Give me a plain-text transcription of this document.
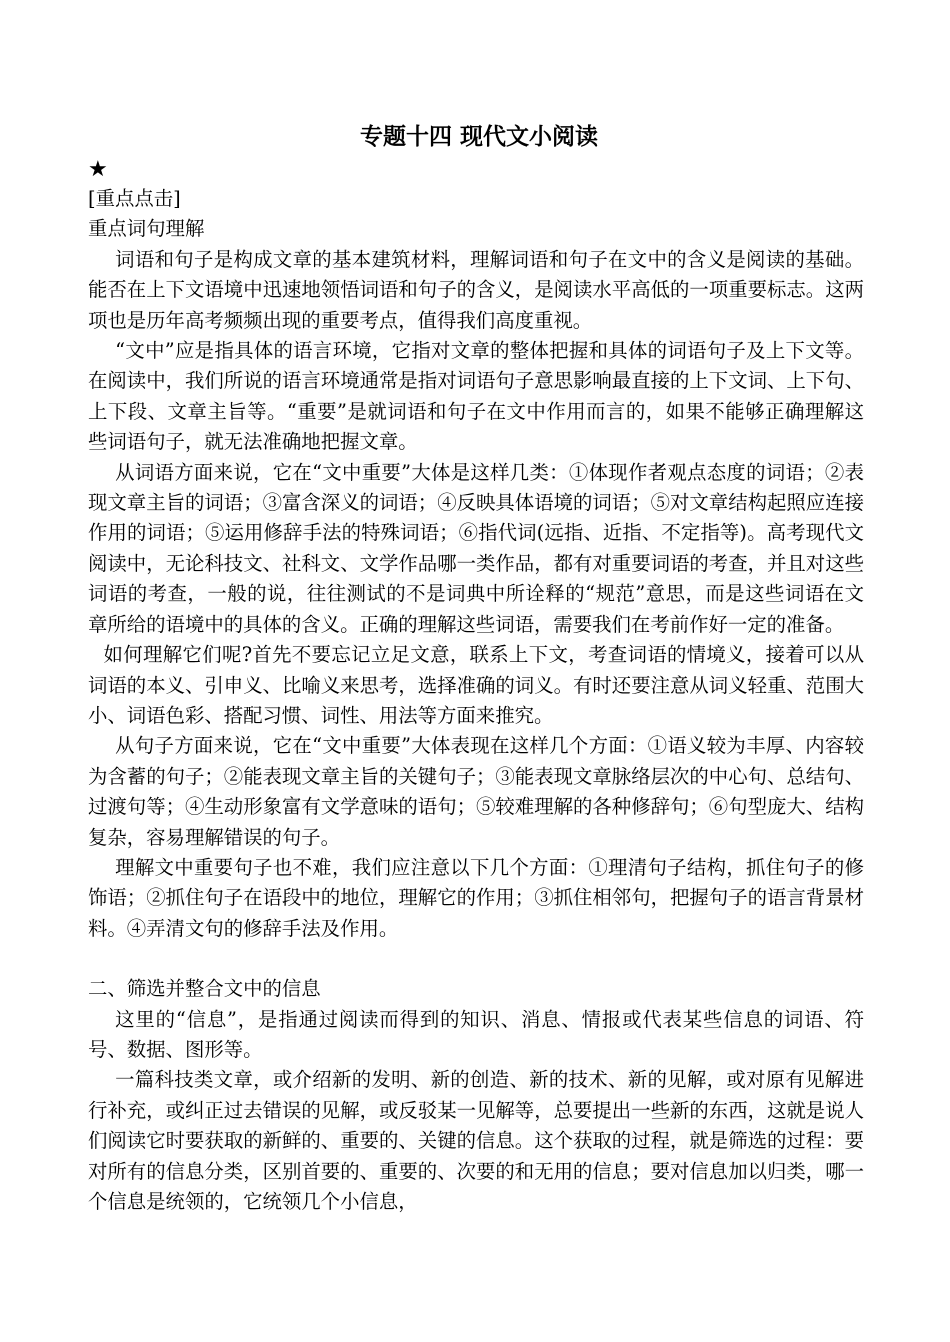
专题十四 现代文小阅读

★

[重点点击]

重点词句理解

词语和句子是构成文章的基本建筑材料，理解词语和句子在文中的含义是阅读的基础。能否在上下文语境中迅速地领悟词语和句子的含义，是阅读水平高低的一项重要标志。这两项也是历年高考频频出现的重要考点，值得我们高度重视。

“文中”应是指具体的语言环境，它指对文章的整体把握和具体的词语句子及上下文等。在阅读中，我们所说的语言环境通常是指对词语句子意思影响最直接的上下文词、上下句、上下段、文章主旨等。“重要”是就词语和句子在文中作用而言的，如果不能够正确理解这些词语句子，就无法准确地把握文章。

从词语方面来说，它在“文中重要”大体是这样几类：①体现作者观点态度的词语；②表现文章主旨的词语；③富含深义的词语；④反映具体语境的词语；⑤对文章结构起照应连接作用的词语；⑤运用修辞手法的特殊词语；⑥指代词(远指、近指、不定指等)。高考现代文阅读中，无论科技文、社科文、文学作品哪一类作品，都有对重要词语的考查，并且对这些词语的考查，一般的说，往往测试的不是词典中所诠释的“规范”意思，而是这些词语在文章所给的语境中的具体的含义。正确的理解这些词语，需要我们在考前作好一定的准备。

如何理解它们呢?首先不要忘记立足文意，联系上下文，考查词语的情境义，接着可以从词语的本义、引申义、比喻义来思考，选择准确的词义。有时还要注意从词义轻重、范围大小、词语色彩、搭配习惯、词性、用法等方面来推究。

从句子方面来说，它在“文中重要”大体表现在这样几个方面：①语义较为丰厚、内容较为含蓄的句子；②能表现文章主旨的关键句子；③能表现文章脉络层次的中心句、总结句、过渡句等；④生动形象富有文学意味的语句；⑤较难理解的各种修辞句；⑥句型庞大、结构复杂，容易理解错误的句子。

理解文中重要句子也不难，我们应注意以下几个方面：①理清句子结构，抓住句子的修饰语；②抓住句子在语段中的地位，理解它的作用；③抓住相邻句，把握句子的语言背景材料。④弄清文句的修辞手法及作用。

二、筛选并整合文中的信息

这里的“信息”，是指通过阅读而得到的知识、消息、情报或代表某些信息的词语、符号、数据、图形等。

一篇科技类文章，或介绍新的发明、新的创造、新的技术、新的见解，或对原有见解进行补充，或纠正过去错误的见解，或反驳某一见解等，总要提出一些新的东西，这就是说人们阅读它时要获取的新鲜的、重要的、关键的信息。这个获取的过程，就是筛选的过程：要对所有的信息分类，区别首要的、重要的、次要的和无用的信息；要对信息加以归类，哪一个信息是统领的，它统领几个小信息，
